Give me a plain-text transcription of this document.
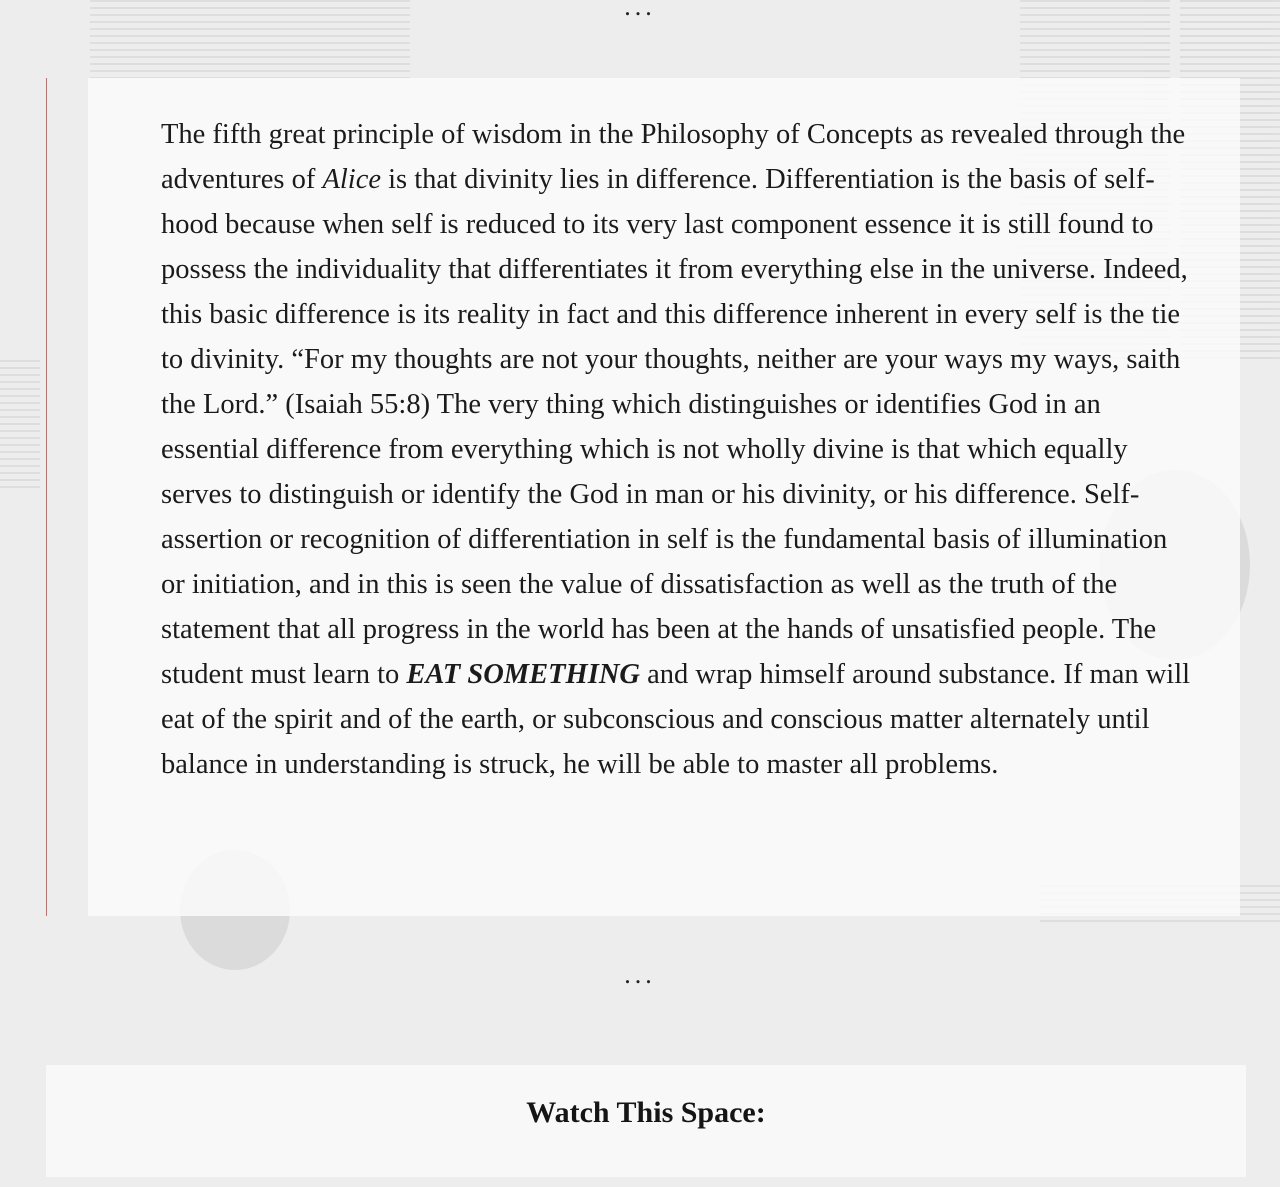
...

The fifth great principle of wisdom in the Philosophy of Concepts as revealed through the adventures of Alice is that divinity lies in difference. Differentiation is the basis of self-hood because when self is reduced to its very last component essence it is still found to possess the individuality that differentiates it from everything else in the universe. Indeed, this basic difference is its reality in fact and this difference inherent in every self is the tie to divinity. “For my thoughts are not your thoughts, neither are your ways my ways, saith the Lord.” (Isaiah 55:8) The very thing which distinguishes or identifies God in an essential difference from everything which is not wholly divine is that which equally serves to distinguish or identify the God in man or his divinity, or his difference. Self-assertion or recognition of differentiation in self is the fundamental basis of illumination or initiation, and in this is seen the value of dissatisfaction as well as the truth of the statement that all progress in the world has been at the hands of unsatisfied people. The student must learn to EAT SOMETHING and wrap himself around substance. If man will eat of the spirit and of the earth, or subconscious and conscious matter alternately until balance in understanding is struck, he will be able to master all problems.

...
Watch This Space:
